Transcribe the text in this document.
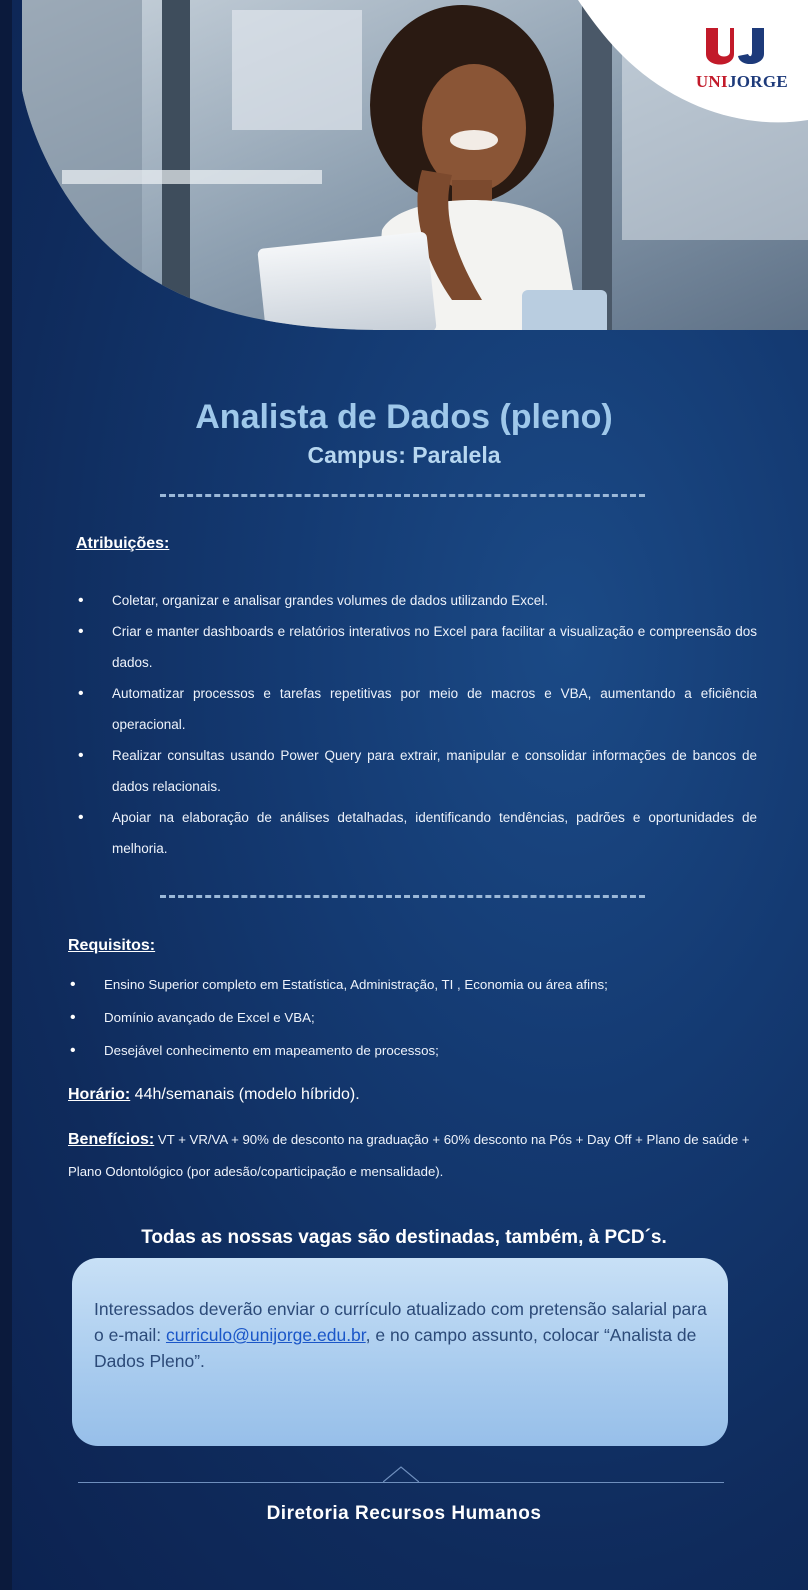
UNIJORGE
Analista de Dados (pleno)
Campus: Paralela
Atribuições:
• Coletar, organizar e analisar grandes volumes de dados utilizando Excel.
• Criar e manter dashboards e relatórios interativos no Excel para facilitar a visualização e compreensão dos dados.
• Automatizar processos e tarefas repetitivas por meio de macros e VBA, aumentando a eficiência operacional.
• Realizar consultas usando Power Query para extrair, manipular e consolidar informações de bancos de dados relacionais.
• Apoiar na elaboração de análises detalhadas, identificando tendências, padrões e oportunidades de melhoria.
Requisitos:
• Ensino Superior completo em Estatística, Administração, TI , Economia ou área afins;
• Domínio avançado de Excel e VBA;
• Desejável conhecimento em mapeamento de processos;
Horário: 44h/semanais (modelo híbrido).
Benefícios: VT + VR/VA + 90% de desconto na graduação + 60% desconto na Pós + Day Off + Plano de saúde + Plano Odontológico (por adesão/coparticipação e mensalidade).
Todas as nossas vagas são destinadas, também, à PCD´s.
Interessados deverão enviar o currículo atualizado com pretensão salarial para o e-mail: curriculo@unijorge.edu.br, e no campo assunto, colocar “Analista de Dados Pleno”.
Diretoria Recursos Humanos
